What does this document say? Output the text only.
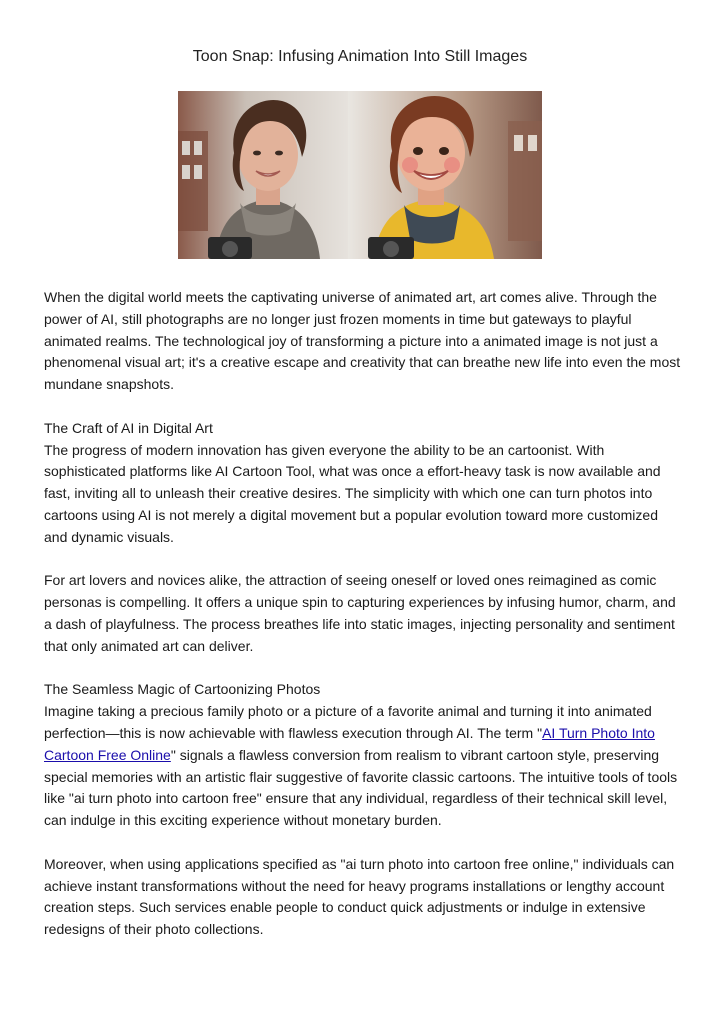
Toon Snap: Infusing Animation Into Still Images

When the digital world meets the captivating universe of animated art, art comes alive. Through the power of AI, still photographs are no longer just frozen moments in time but gateways to playful animated realms. The technological joy of transforming a picture into a animated image is not just a phenomenal visual art; it's a creative escape and creativity that can breathe new life into even the most mundane snapshots.

The Craft of AI in Digital Art

The progress of modern innovation has given everyone the ability to be an cartoonist. With sophisticated platforms like AI Cartoon Tool, what was once a effort-heavy task is now available and fast, inviting all to unleash their creative desires. The simplicity with which one can turn photos into cartoons using AI is not merely a digital movement but a popular evolution toward more customized and dynamic visuals.

For art lovers and novices alike, the attraction of seeing oneself or loved ones reimagined as comic personas is compelling. It offers a unique spin to capturing experiences by infusing humor, charm, and a dash of playfulness. The process breathes life into static images, injecting personality and sentiment that only animated art can deliver.

The Seamless Magic of Cartoonizing Photos

Imagine taking a precious family photo or a picture of a favorite animal and turning it into animated perfection—this is now achievable with flawless execution through AI. The term "AI Turn Photo Into Cartoon Free Online" signals a flawless conversion from realism to vibrant cartoon style, preserving special memories with an artistic flair suggestive of favorite classic cartoons. The intuitive tools of tools like "ai turn photo into cartoon free" ensure that any individual, regardless of their technical skill level, can indulge in this exciting experience without monetary burden.

Moreover, when using applications specified as "ai turn photo into cartoon free online," individuals can achieve instant transformations without the need for heavy programs installations or lengthy account creation steps. Such services enable people to conduct quick adjustments or indulge in extensive redesigns of their photo collections.
